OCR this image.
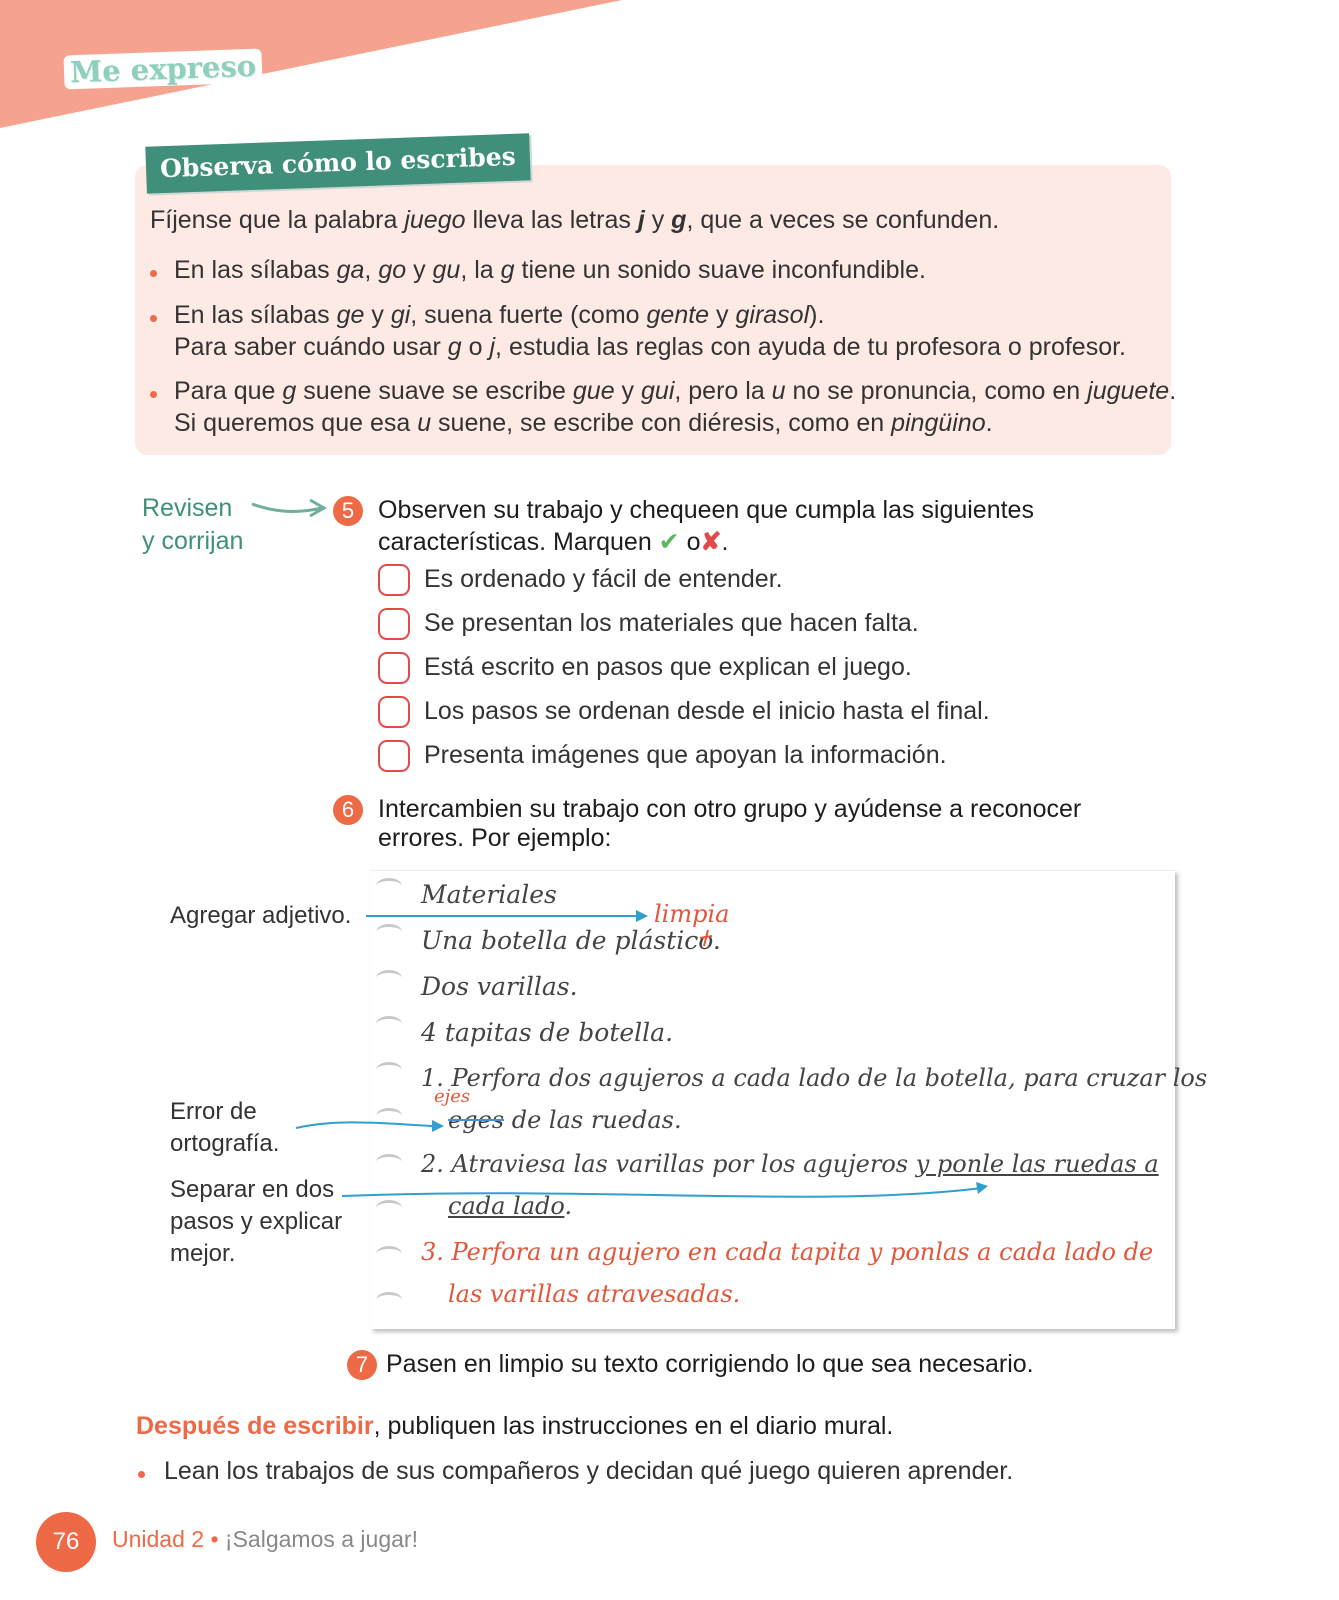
Me expreso
Observa cómo lo escribes
Fíjense que la palabra juego lleva las letras j y g, que a veces se confunden.
En las sílabas ga, go y gu, la g tiene un sonido suave inconfundible.
En las sílabas ge y gi, suena fuerte (como gente y girasol).
Para saber cuándo usar g o j, estudia las reglas con ayuda de tu profesora o profesor.
Para que g suene suave se escribe gue y gui, pero la u no se pronuncia, como en juguete.
Si queremos que esa u suene, se escribe con diéresis, como en pingüino.
Revisen
y corrijan
5 Observen su trabajo y chequeen que cumpla las siguientes
características. Marquen ✔ o✘.
Es ordenado y fácil de entender.
Se presentan los materiales que hacen falta.
Está escrito en pasos que explican el juego.
Los pasos se ordenan desde el inicio hasta el final.
Presenta imágenes que apoyan la información.
6 Intercambien su trabajo con otro grupo y ayúdense a reconocer
errores. Por ejemplo:
Materiales
Una botella de plástico.
limpia
Dos varillas.
4 tapitas de botella.
1. Perfora dos agujeros a cada lado de la botella, para cruzar los
eges de las ruedas.
ejes
2. Atraviesa las varillas por los agujeros y ponle las ruedas a
cada lado.
3. Perfora un agujero en cada tapita y ponlas a cada lado de
las varillas atravesadas.
Agregar adjetivo.
Error de
ortografía.
Separar en dos
pasos y explicar
mejor.
7 Pasen en limpio su texto corrigiendo lo que sea necesario.
Después de escribir, publiquen las instrucciones en el diario mural.
Lean los trabajos de sus compañeros y decidan qué juego quieren aprender.
76	Unidad 2 • ¡Salgamos a jugar!
